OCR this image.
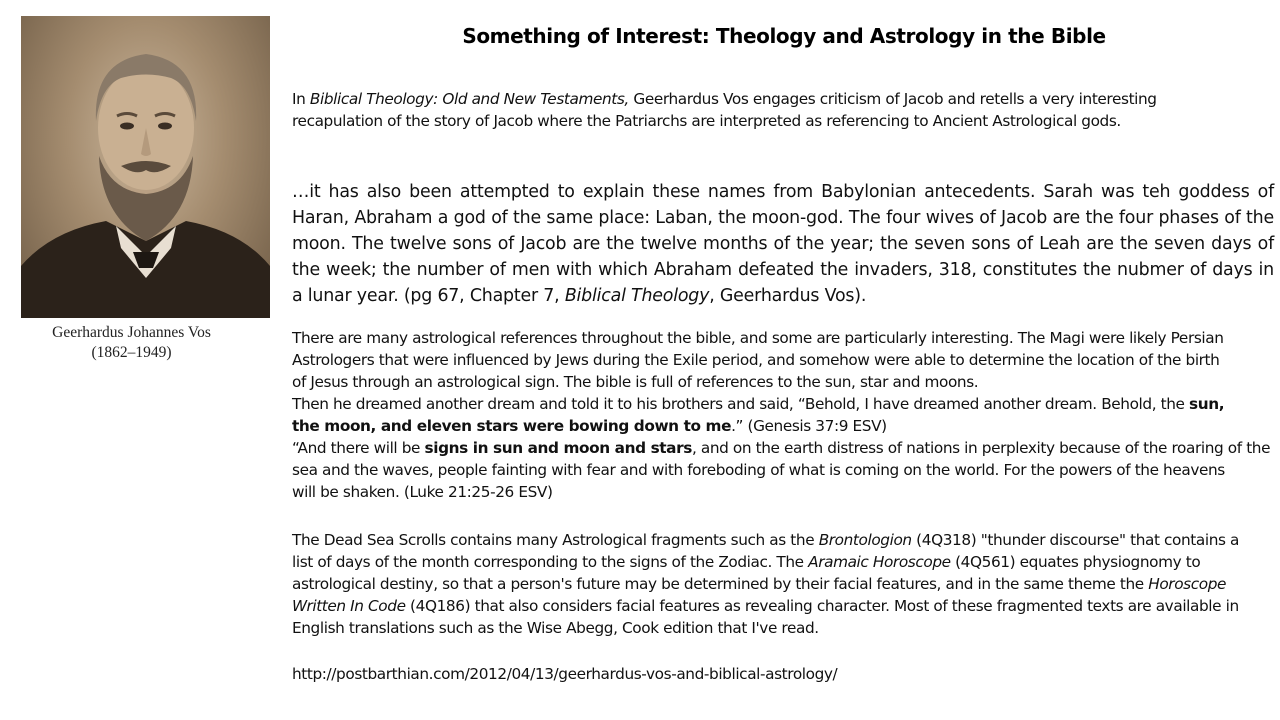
Geerhardus Johannes Vos
(1862–1949)
Something of Interest: Theology and Astrology in the Bible
In Biblical Theology: Old and New Testaments, Geerhardus Vos engages criticism of Jacob and retells a very interesting
recapulation of the story of Jacob where the Patriarchs are interpreted as referencing to Ancient Astrological gods.
…it has also been attempted to explain these names from Babylonian antecedents. Sarah was teh goddess of Haran, Abraham a god of the same place: Laban, the moon-god. The four wives of Jacob are the four phases of the moon. The twelve sons of Jacob are the twelve months of the year; the seven sons of Leah are the seven days of the week; the number of men with which Abraham defeated the invaders, 318, constitutes the nubmer of days in a lunar year. (pg 67, Chapter 7, Biblical Theology, Geerhardus Vos).
There are many astrological references throughout the bible, and some are particularly interesting. The Magi were likely Persian
Astrologers that were influenced by Jews during the Exile period, and somehow were able to determine the location of the birth
of Jesus through an astrological sign. The bible is full of references to the sun, star and moons.
Then he dreamed another dream and told it to his brothers and said, “Behold, I have dreamed another dream. Behold, the sun,
the moon, and eleven stars were bowing down to me.” (Genesis 37:9 ESV)
“And there will be signs in sun and moon and stars, and on the earth distress of nations in perplexity because of the roaring of the
sea and the waves, people fainting with fear and with foreboding of what is coming on the world. For the powers of the heavens
will be shaken. (Luke 21:25-26 ESV)
The Dead Sea Scrolls contains many Astrological fragments such as the Brontologion (4Q318) "thunder discourse" that contains a
list of days of the month corresponding to the signs of the Zodiac. The Aramaic Horoscope (4Q561) equates physiognomy to
astrological destiny, so that a person's future may be determined by their facial features, and in the same theme the Horoscope
Written In Code (4Q186) that also considers facial features as revealing character. Most of these fragmented texts are available in
English translations such as the Wise Abegg, Cook edition that I've read.
http://postbarthian.com/2012/04/13/geerhardus-vos-and-biblical-astrology/
